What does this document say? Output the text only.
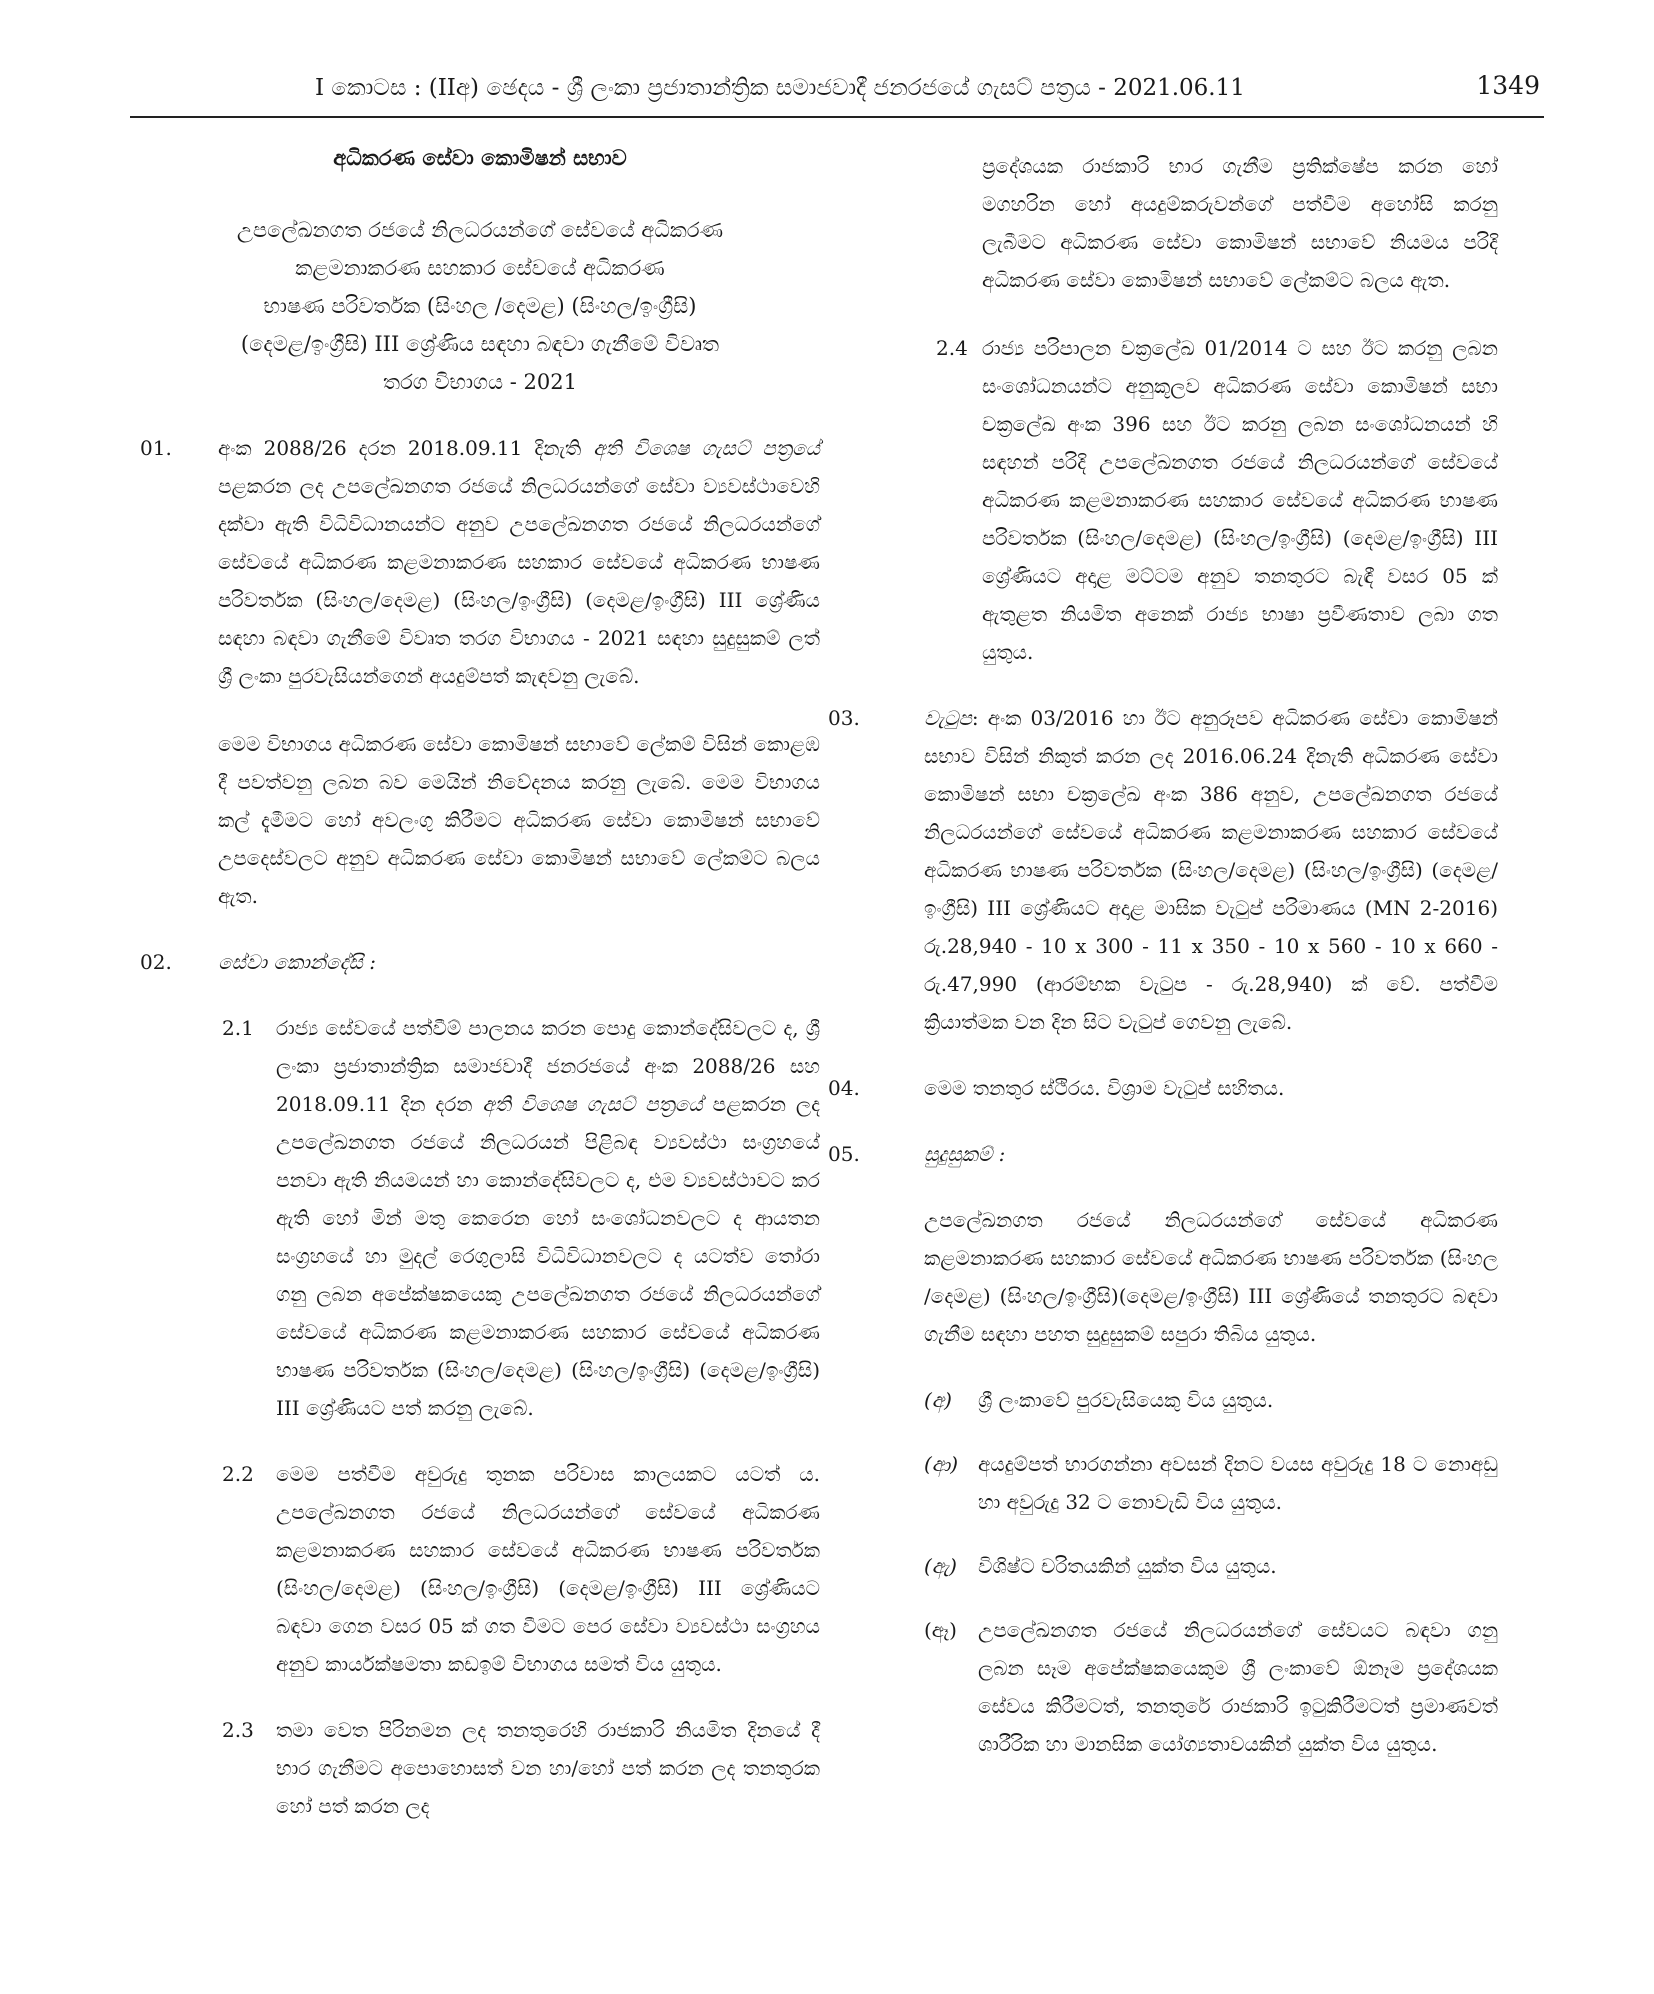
I කොටස : (IIඅ) ඡෙදය - ශ්‍රී ලංකා ප්‍රජාතාන්ත්‍රික සමාජවාදී ජනරජයේ ගැසට් පත්‍රය - 2021.06.11	1349
අධිකරණ සේවා කොමිෂන් සභාව
උපලේඛනගත රජයේ නිලධරයන්ගේ සේවයේ අධිකරණ
කළමනාකරණ සහකාර සේවයේ අධිකරණ
භාෂණ පරිවර්තක (සිංහල /දෙමළ) (සිංහල/ඉංග්‍රීසි)
(දෙමළ/ඉංග්‍රීසි) III ශ්‍රේණිය සඳහා බඳවා ගැනීමේ විවෘත
තරග විභාගය - 2021
01.	අංක 2088/26 දරන 2018.09.11 දිනැති අති විශෙෂ ගැසට් පත්‍රයේ පළකරන ලද උපලේඛනගත රජයේ නිලධරයන්ගේ සේවා ව්‍යවස්ථාවෙහි දක්වා ඇති විධිවිධානයන්ට අනුව උපලේඛනගත රජයේ නිලධරයන්ගේ සේවයේ අධිකරණ කළමනාකරණ සහකාර සේවයේ අධිකරණ භාෂණ පරිවර්තක (සිංහල/දෙමළ) (සිංහල/ඉංග්‍රීසි) (දෙමළ/ඉංග්‍රීසි) III ශ්‍රේණිය සඳහා බඳවා ගැනීමේ විවෘත තරග විභාගය - 2021 සඳහා සුදුසුකම් ලත් ශ්‍රී ලංකා පුරවැසියන්ගෙන් අයදුම්පත් කැඳවනු ලැබේ.
මෙම විභාගය අධිකරණ සේවා කොමිෂන් සභාවේ ලේකම් විසින් කොළඹ දී පවත්වනු ලබන බව මෙයින් නිවේදනය කරනු ලැබේ. මෙම විභාගය කල් දැමීමට හෝ අවලංගු කිරීමට අධිකරණ සේවා කොමිෂන් සභාවේ උපදෙස්වලට අනුව අධිකරණ සේවා කොමිෂන් සභාවේ ලේකම්ට බලය ඇත.
02.	සේවා කොන්දේසි :
2.1	රාජ්‍ය සේවයේ පත්වීම් පාලනය කරන පොදු කොන්දේසිවලට ද, ශ්‍රී ලංකා ප්‍රජාතාන්ත්‍රික සමාජවාදී ජනරජයේ අංක 2088/26 සහ 2018.09.11 දින දරන අති විශෙෂ ගැසට් පත්‍රයේ පළකරන ලද උපලේඛනගත රජයේ නිලධරයන් පිළිබඳ ව්‍යවස්ථා සංග්‍රහයේ පනවා ඇති නියමයන් හා කොන්දේසිවලට ද, එම ව්‍යවස්ථාවට කර ඇති හෝ මින් මතු කෙරෙන හෝ සංශෝධනවලට ද ආයතන සංග්‍රහයේ හා මුදල් රෙගුලාසි විධිවිධානවලට ද යටත්ව තෝරා ගනු ලබන අපේක්ෂකයෙකු උපලේඛනගත රජයේ නිලධරයන්ගේ සේවයේ අධිකරණ කළමනාකරණ සහකාර සේවයේ අධිකරණ භාෂණ පරිවර්තක (සිංහල/දෙමළ) (සිංහල/ඉංග්‍රීසි) (දෙමළ/ඉංග්‍රීසි) III ශ්‍රේණියට පත් කරනු ලැබේ.
2.2	මෙම පත්වීම අවුරුදු තුනක පරිවාස කාලයකට යටත් ය. උපලේඛනගත රජයේ නිලධරයන්ගේ සේවයේ අධිකරණ කළමනාකරණ සහකාර සේවයේ අධිකරණ භාෂණ පරිවර්තක (සිංහල/දෙමළ) (සිංහල/ඉංග්‍රීසි) (දෙමළ/ඉංග්‍රීසි) III ශ්‍රේණියට බඳවා ගෙන වසර 05 ක් ගත වීමට පෙර සේවා ව්‍යවස්ථා සංග්‍රහය අනුව කාර්යක්ෂමතා කඩඉම් විභාගය සමත් විය යුතුය.
2.3	තමා වෙත පිරිනමන ලද තනතුරෙහි රාජකාරි නියමිත දිනයේ දී භාර ගැනීමට අපොහොසත් වන හා/හෝ පත් කරන ලද තනතුරක හෝ පත් කරන ලද
ප්‍රදේශයක රාජකාරි භාර ගැනීම ප්‍රතික්ෂේප කරන හෝ මගහරින හෝ අයදුම්කරුවන්ගේ පත්වීම අහෝසි කරනු ලැබීමට අධිකරණ සේවා කොමිෂන් සභාවේ නියමය පරිදි අධිකරණ සේවා කොමිෂන් සභාවේ ලේකම්ට බලය ඇත.
2.4 රාජ්‍ය පරිපාලන චක්‍රලේඛ 01/2014 ට සහ ඊට කරනු ලබන සංශෝධනයන්ට අනුකූලව අධිකරණ සේවා කොමිෂන් සභා චක්‍රලේඛ අංක 396 සහ ඊට කරනු ලබන සංශෝධනයන් හි සඳහන් පරිදි උපලේඛනගත රජයේ නිලධරයන්ගේ සේවයේ අධිකරණ කළමනාකරණ සහකාර සේවයේ අධිකරණ භාෂණ පරිවර්තක (සිංහල/දෙමළ) (සිංහල/ඉංග්‍රීසි) (දෙමළ/ඉංග්‍රීසි) III ශ්‍රේණියට අදාළ මට්ටම අනුව තනතුරට බැඳී වසර 05 ක් ඇතුළත නියමිත අනෙක් රාජ්‍ය භාෂා ප්‍රවීණතාව ලබා ගත යුතුය.
03.	වැටුප: අංක 03/2016 හා ඊට අනුරූපව අධිකරණ සේවා කොමිෂන් සභාව විසින් නිකුත් කරන ලද 2016.06.24 දිනැති අධිකරණ සේවා කොමිෂන් සභා චක්‍රලේඛ අංක 386 අනුව, උපලේඛනගත රජයේ නිලධරයන්ගේ සේවයේ අධිකරණ කළමනාකරණ සහකාර සේවයේ අධිකරණ භාෂණ පරිවර්තක (සිංහල/දෙමළ) (සිංහල/ඉංග්‍රීසි) (දෙමළ/ඉංග්‍රීසි) III ශ්‍රේණියට අදාළ මාසික වැටුප් පරිමාණය (MN 2-2016) රු.28,940 - 10 x 300 - 11 x 350 - 10 x 560 - 10 x 660 - රු.47,990 (ආරම්භක වැටුප - රු.28,940) ක් වේ. පත්වීම ක්‍රියාත්මක වන දින සිට වැටුප් ගෙවනු ලැබේ.
04.	මෙම තනතුර ස්ථිරය. විශ්‍රාම වැටුප් සහිතය.
05.	සුදුසුකම් :
උපලේඛනගත රජයේ නිලධරයන්ගේ සේවයේ අධිකරණ කළමනාකරණ සහකාර සේවයේ අධිකරණ භාෂණ පරිවර්තක (සිංහල /දෙමළ) (සිංහල/ඉංග්‍රීසි)(දෙමළ/ඉංග්‍රීසි) III ශ්‍රේණියේ තනතුරට බඳවා ගැනීම සඳහා පහත සුදුසුකම් සපුරා තිබිය යුතුය.
(අ)	ශ්‍රී ලංකාවේ පුරවැසියෙකු විය යුතුය.
(ආ) අයදුම්පත් භාරගන්නා අවසන් දිනට වයස අවුරුදු 18 ට නොඅඩු හා අවුරුදු 32 ට නොවැඩි විය යුතුය.
(ඇ)	විශිෂ්ට චරිතයකින් යුක්ත විය යුතුය.
(ඈ)	උපලේඛනගත රජයේ නිලධරයන්ගේ සේවයට බඳවා ගනු ලබන සෑම අපේක්ෂකයෙකුම ශ්‍රී ලංකාවේ ඕනෑම ප්‍රදේශයක සේවය කිරීමටත්, තනතුරේ රාජකාරි ඉටුකිරීමටත් ප්‍රමාණවත් ශාරීරික හා මානසික යෝග්‍යතාවයකින් යුක්ත විය යුතුය.
